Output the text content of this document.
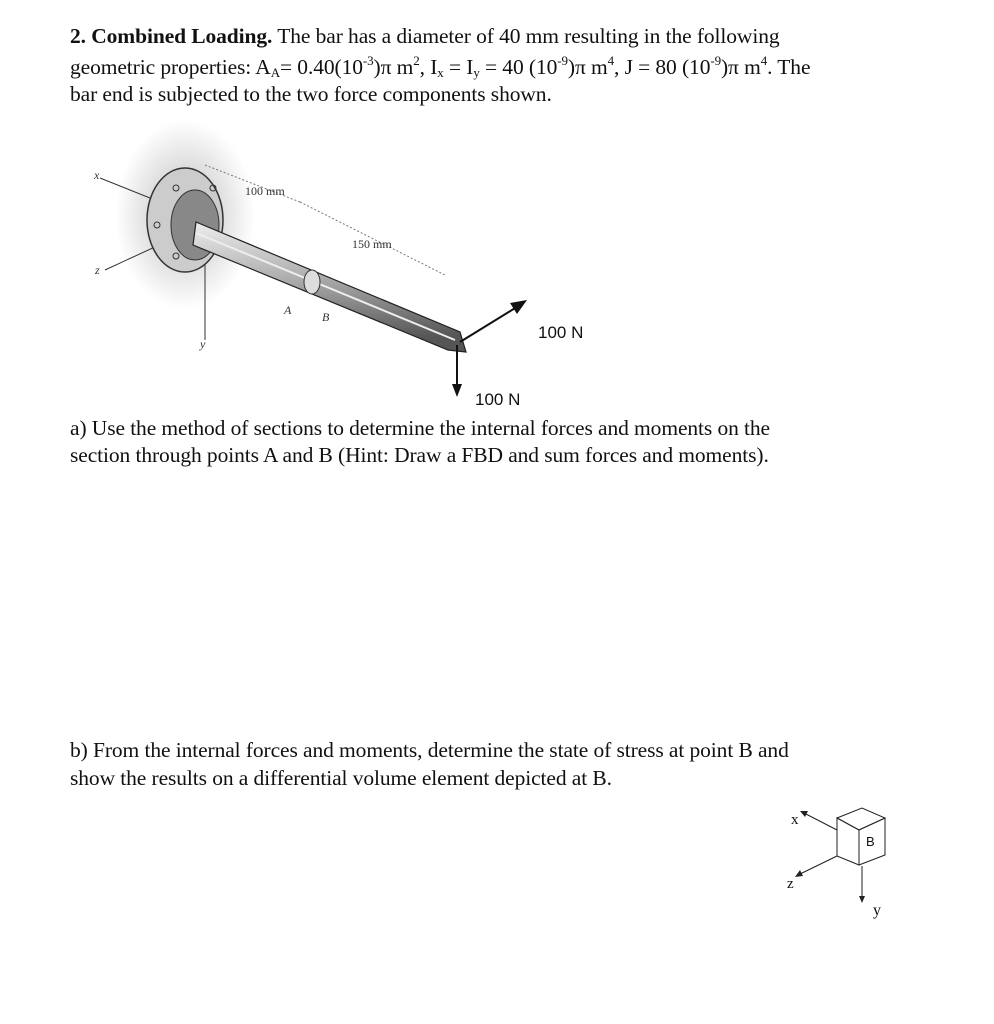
2. Combined Loading. The bar has a diameter of 40 mm resulting in the following
geometric properties: $A_A= 0.40(10^{-3})\pi$ $m^2$, $I_x = I_y = 40$ $(10^{-9})\pi$ $m^4$, J = 80 $(10^{-9})\pi$ $m^4$. The
bar end is subjected to the two force components shown.
x
z
y
100 mm
150 mm
A	B
100 N
100 N
a) Use the method of sections to determine the internal forces and moments on the
section through points A and B (Hint: Draw a FBD and sum forces and moments).
b) From the internal forces and moments, determine the state of stress at point B and
show the results on a differential volume element depicted at B.
x
z
y
B
